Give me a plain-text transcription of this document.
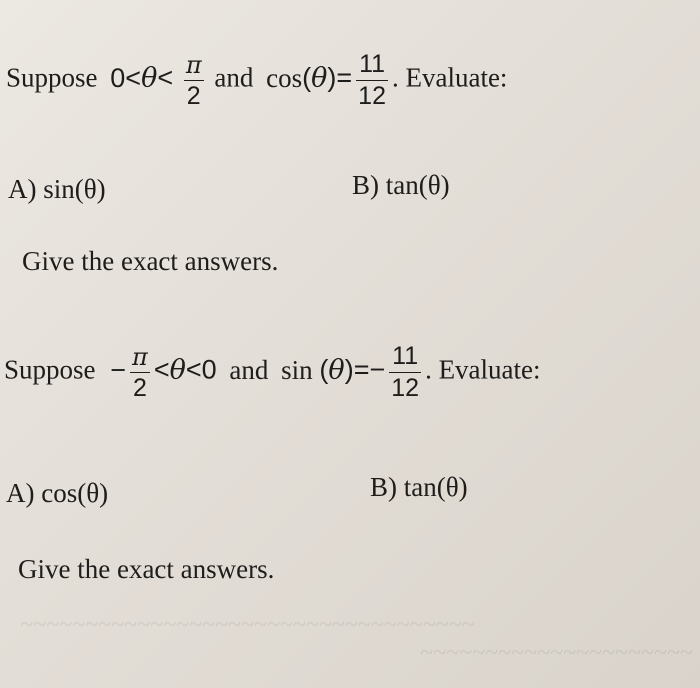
Suppose $0<\theta< \frac{\pi}{2}$ and $\cos(\theta)= \frac{11}{12}$ . Evaluate:
A) sin(θ)	B) tan(θ)
Give the exact answers.
Suppose − $\frac{\pi}{2} <\theta<0$ and $\sin (\theta)=- \frac{11}{12}$ . Evaluate:
A) cos(θ)	B) tan(θ)
Give the exact answers.
~~~~~~~~~~~~~~~~~~~~~~~~~~~~~~~~~~~
~~~~~~~~~~~~~~~~~~~~~
